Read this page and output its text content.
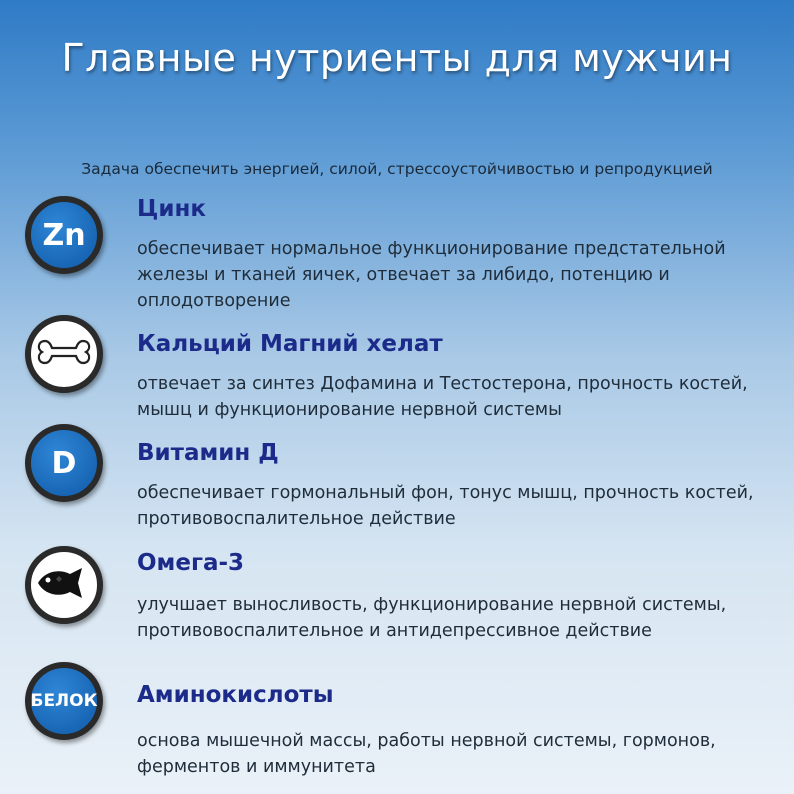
Главные нутриенты для мужчин
Задача обеспечить энергией, силой, стрессоустойчивостью и репродукцией
Zn
Цинк
обеспечивает нормальное функционирование предстательной железы и тканей яичек, отвечает за либидо, потенцию и оплодотворение
Кальций Магний хелат
отвечает за синтез Дофамина и Тестостерона, прочность костей, мышц и функционирование нервной системы
D	Витамин Д
обеспечивает гормональный фон, тонус мышц, прочность костей, противовоспалительное действие
Омега-3
улучшает выносливость, функционирование нервной системы, противовоспалительное и антидепрессивное действие
БЕЛОК Аминокислоты
основа мышечной массы, работы нервной системы, гормонов, ферментов и иммунитета
